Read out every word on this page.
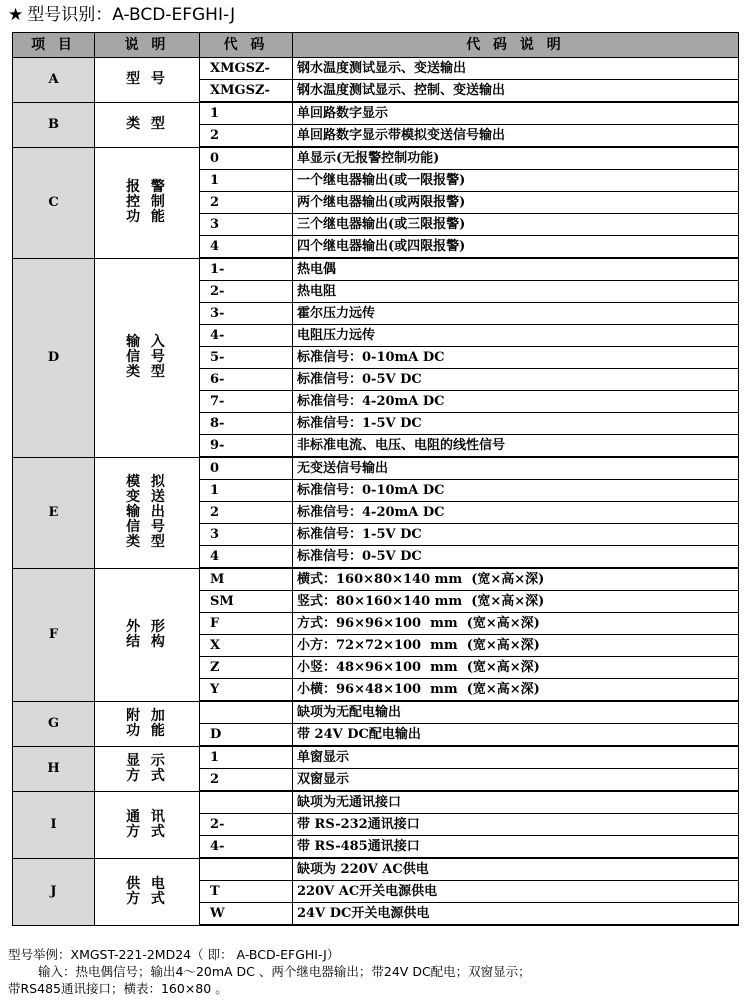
★ 型号识别：A-BCD-EFGHI-J
项 目	说 明	代 码	代 码 说 明
A	型 号	XMGSZ-	钢水温度测试显示、变送输出
		XMGSZ-	钢水温度测试显示、控制、变送输出
B	类 型	1	单回路数字显示
		2	单回路数字显示带模拟变送信号输出
C	报 警
控 制
功 能	0	单显示(无报警控制功能)
		1	一个继电器输出(或一限报警)
		2	两个继电器输出(或两限报警)
		3	三个继电器输出(或三限报警)
		4	四个继电器输出(或四限报警)
D	输 入
信 号
类 型	1-	热电偶
		2-	热电阻
		3-	霍尔压力远传
		4-	电阻压力远传
		5-	标准信号：0-10mA DC
		6-	标准信号：0-5V DC
		7-	标准信号：4-20mA DC
		8-	标准信号：1-5V DC
		9-	非标准电流、电压、电阻的线性信号
E	模 拟
变 送
输 出
信 号
类 型	0	无变送信号输出
		1	标准信号：0-10mA DC
		2	标准信号：4-20mA DC
		3	标准信号：1-5V DC
		4	标准信号：0-5V DC
F	外 形
结 构	M	横式：160×80×140 mm  (宽×高×深)
		SM	竖式：80×160×140 mm  (宽×高×深)
		F	方式：96×96×100  mm  (宽×高×深)
		X	小方：72×72×100  mm  (宽×高×深)
		Z	小竖：48×96×100  mm  (宽×高×深)
		Y	小横：96×48×100  mm  (宽×高×深)
G	附 加
功 能		缺项为无配电输出
		D	带 24V DC配电输出
H	显 示
方 式	1	单窗显示
		2	双窗显示
I	通 讯
方 式		缺项为无通讯接口
		2-	带 RS-232通讯接口
		4-	带 RS-485通讯接口
J	供 电
方 式		缺项为 220V AC供电
		T	220V AC开关电源供电
		W	24V DC开关电源供电
型号举例：XMGST-221-2MD24（ 即： A-BCD-EFGHI-J）
输入：热电偶信号；输出4～20mA DC 、两个继电器输出；带24V DC配电；双窗显示；
带RS485通讯接口；横表：160×80 。
